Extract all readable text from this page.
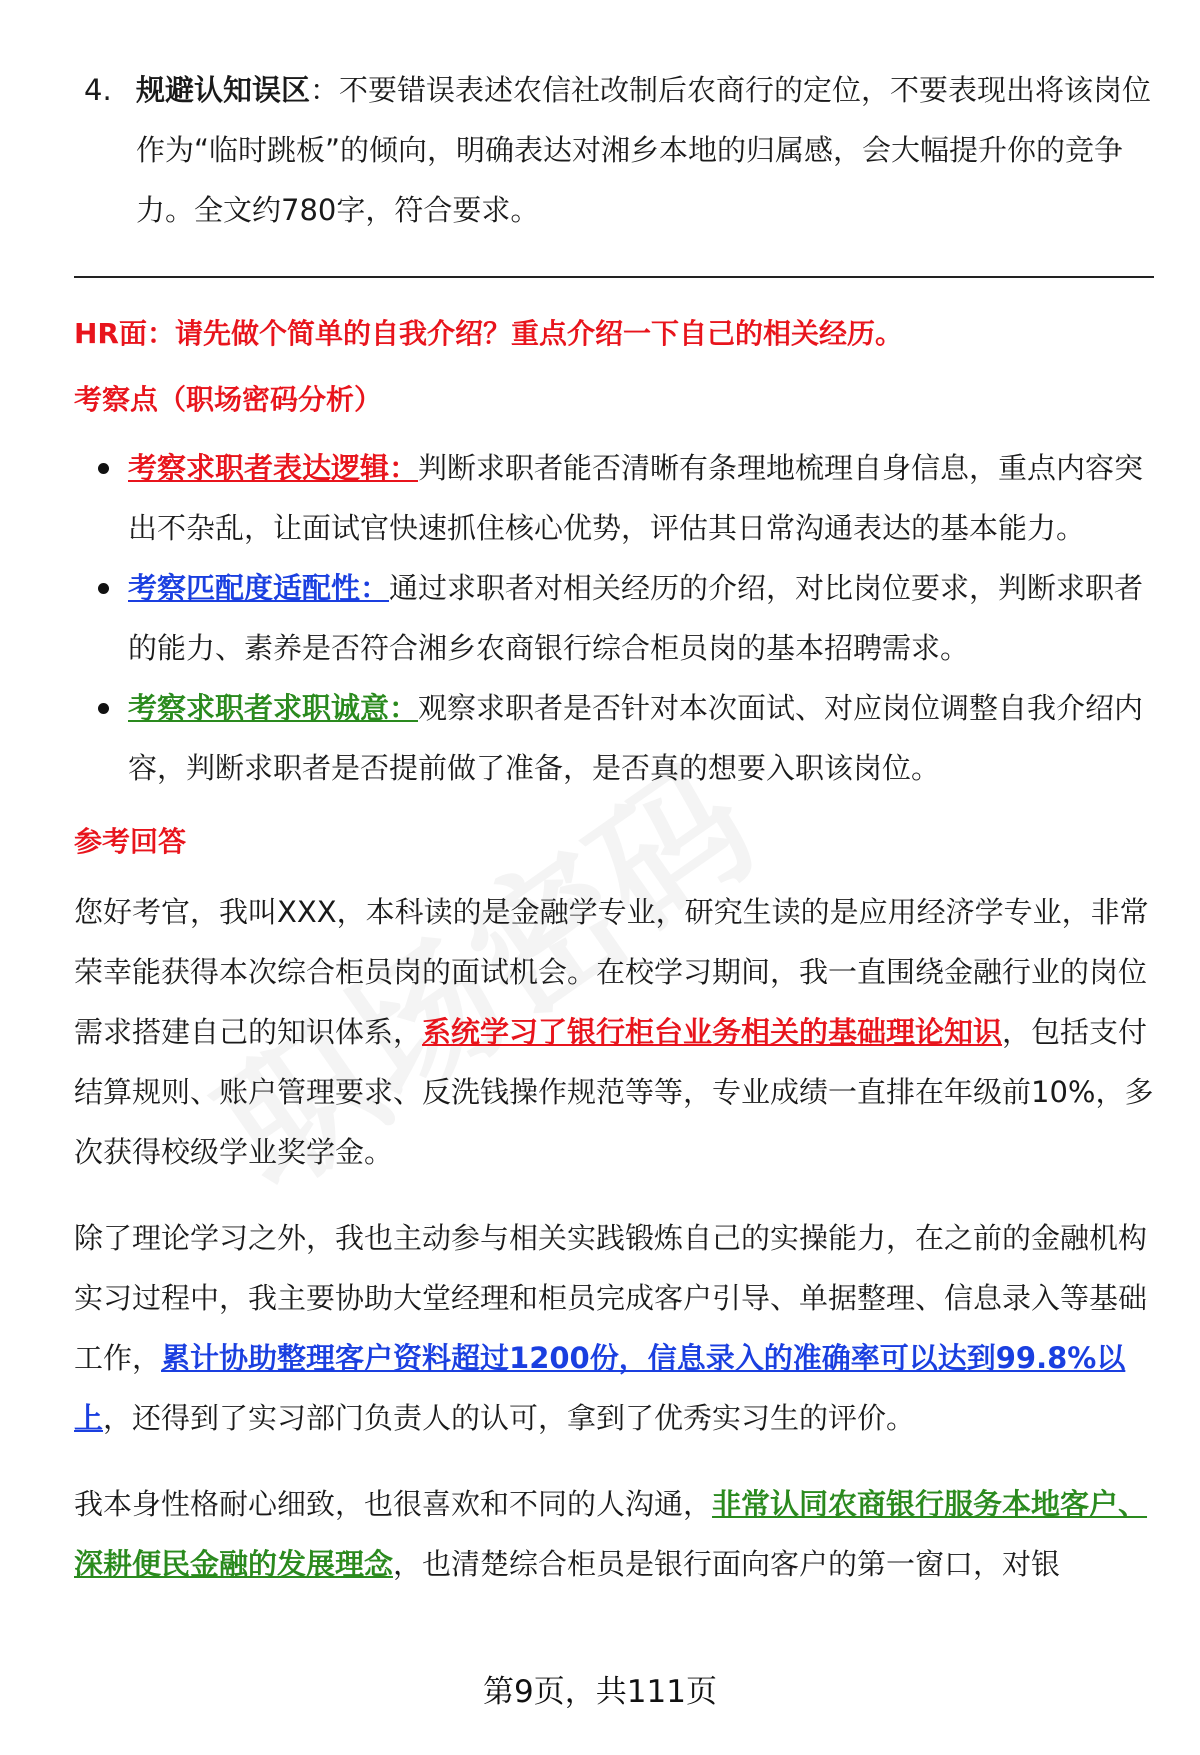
4. 规避认知误区：不要错误表述农信社改制后农商行的定位，不要表现出将该岗位作为“临时跳板”的倾向，明确表达对湘乡本地的归属感，会大幅提升你的竞争力。全文约780字，符合要求。
HR面：请先做个简单的自我介绍？重点介绍一下自己的相关经历。
考察点（职场密码分析）
考察求职者表达逻辑：判断求职者能否清晰有条理地梳理自身信息，重点内容突出不杂乱，让面试官快速抓住核心优势，评估其日常沟通表达的基本能力。
考察匹配度适配性：通过求职者对相关经历的介绍，对比岗位要求，判断求职者的能力、素养是否符合湘乡农商银行综合柜员岗的基本招聘需求。
考察求职者求职诚意：观察求职者是否针对本次面试、对应岗位调整自我介绍内容，判断求职者是否提前做了准备，是否真的想要入职该岗位。
参考回答
您好考官，我叫XXX，本科读的是金融学专业，研究生读的是应用经济学专业，非常荣幸能获得本次综合柜员岗的面试机会。在校学习期间，我一直围绕金融行业的岗位需求搭建自己的知识体系，系统学习了银行柜台业务相关的基础理论知识，包括支付结算规则、账户管理要求、反洗钱操作规范等等，专业成绩一直排在年级前10%，多次获得校级学业奖学金。
除了理论学习之外，我也主动参与相关实践锻炼自己的实操能力，在之前的金融机构实习过程中，我主要协助大堂经理和柜员完成客户引导、单据整理、信息录入等基础工作，累计协助整理客户资料超过1200份，信息录入的准确率可以达到99.8%以上，还得到了实习部门负责人的认可，拿到了优秀实习生的评价。
我本身性格耐心细致，也很喜欢和不同的人沟通，非常认同农商银行服务本地客户、深耕便民金融的发展理念，也清楚综合柜员是银行面向客户的第一窗口，对银
第9页，共111页
